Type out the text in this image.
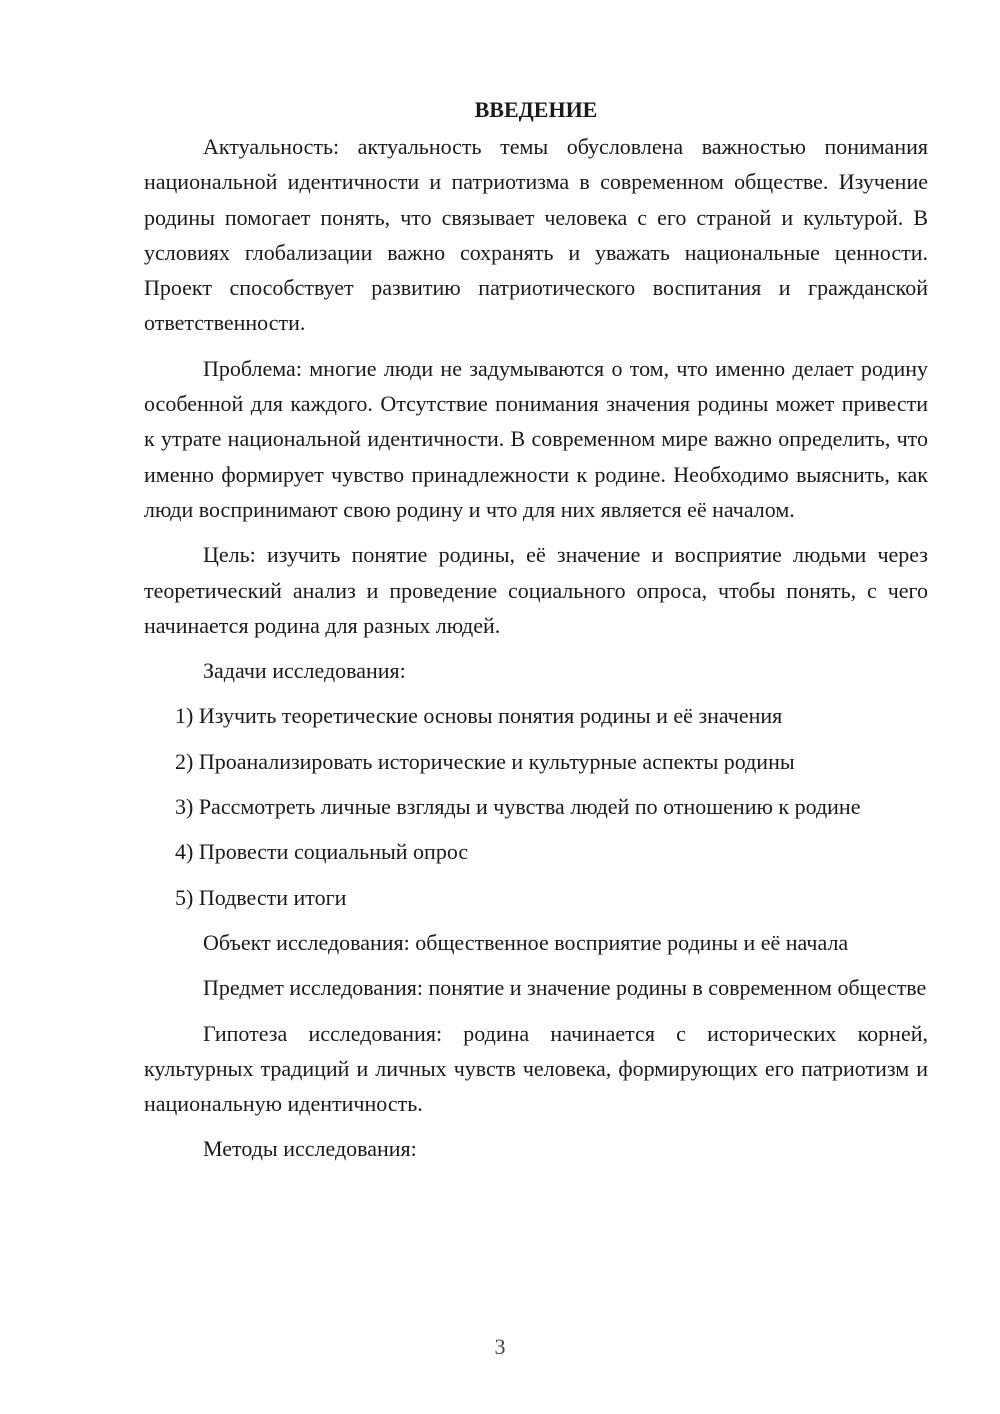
ВВЕДЕНИЕ

Актуальность: актуальность темы обусловлена важностью понимания национальной идентичности и патриотизма в современном обществе. Изучение родины помогает понять, что связывает человека с его страной и культурой. В условиях глобализации важно сохранять и уважать национальные ценности. Проект способствует развитию патриотического воспитания и гражданской ответственности.

Проблема: многие люди не задумываются о том, что именно делает родину особенной для каждого. Отсутствие понимания значения родины может привести к утрате национальной идентичности. В современном мире важно определить, что именно формирует чувство принадлежности к родине. Необходимо выяснить, как люди воспринимают свою родину и что для них является её началом.

Цель: изучить понятие родины, её значение и восприятие людьми через теоретический анализ и проведение социального опроса, чтобы понять, с чего начинается родина для разных людей.

Задачи исследования:

1) Изучить теоретические основы понятия родины и её значения

2) Проанализировать исторические и культурные аспекты родины

3) Рассмотреть личные взгляды и чувства людей по отношению к родине

4) Провести социальный опрос

5) Подвести итоги

Объект исследования: общественное восприятие родины и её начала

Предмет исследования: понятие и значение родины в современном обществе

Гипотеза исследования: родина начинается с исторических корней, культурных традиций и личных чувств человека, формирующих его патриотизм и национальную идентичность.

Методы исследования:

3
